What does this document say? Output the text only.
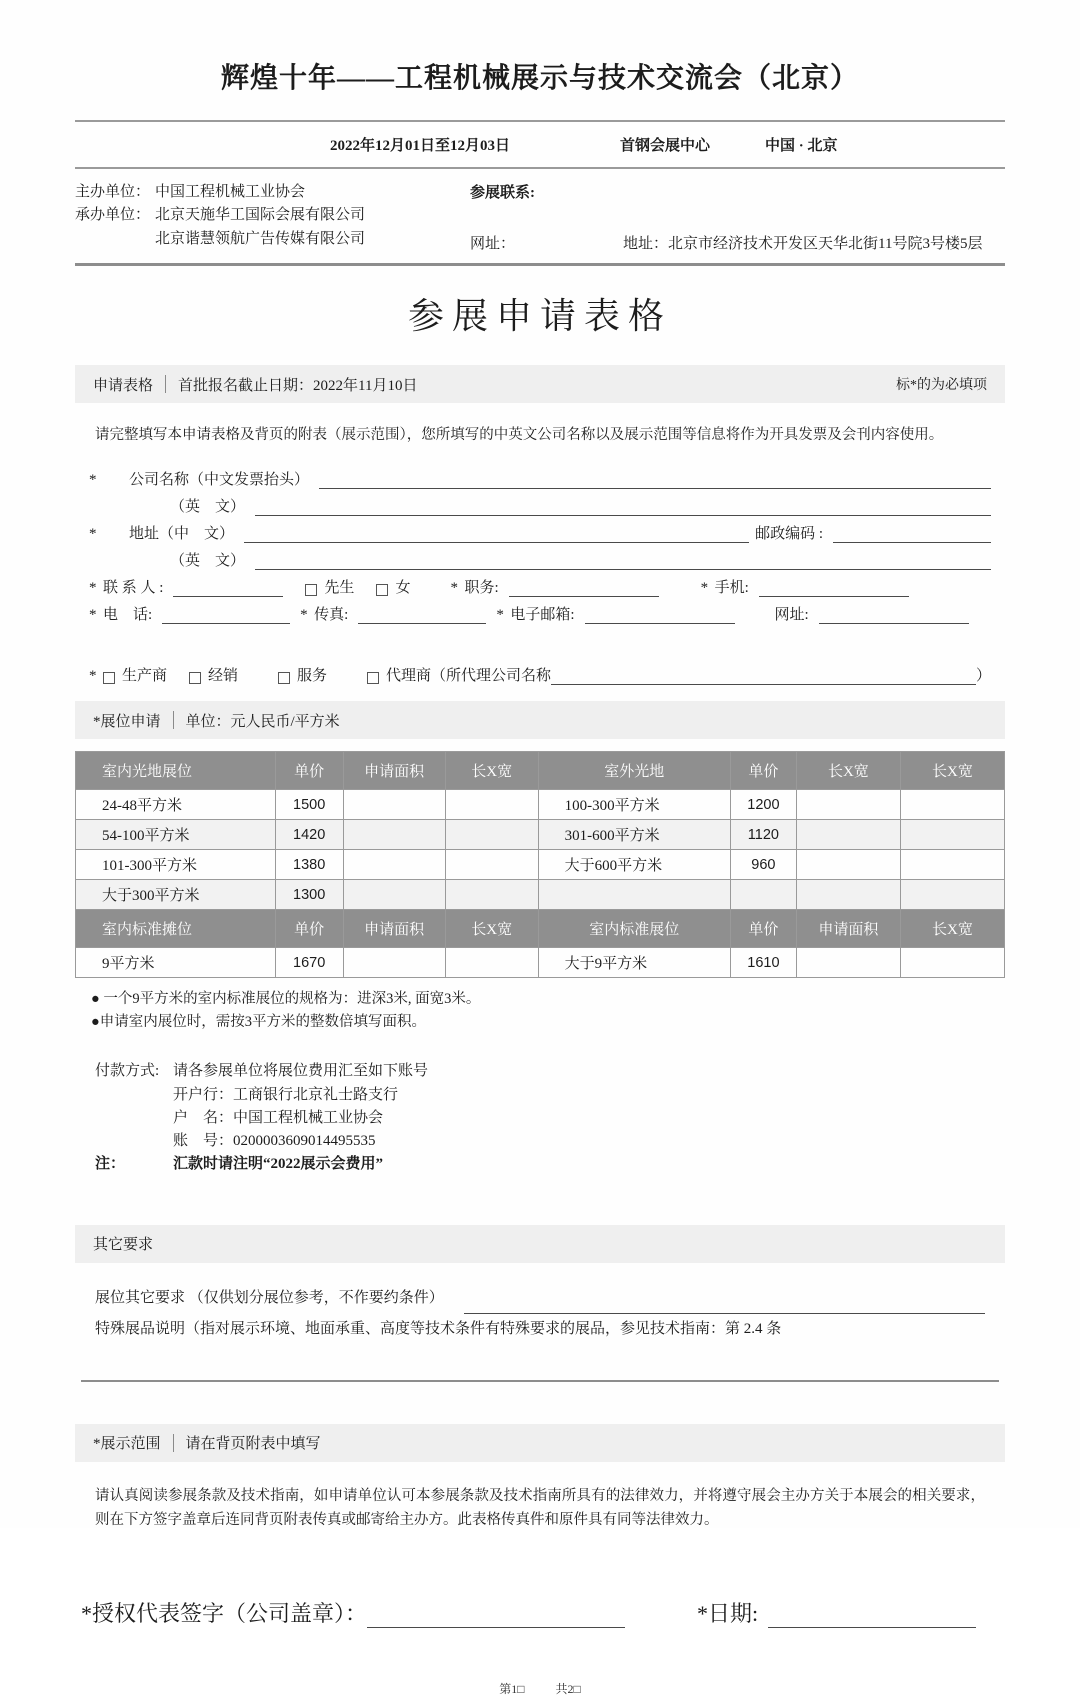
辉煌十年——工程机械展示与技术交流会（北京）
2022年12月01日至12月03日	首钢会展中心	中国 · 北京
主办单位： 中国工程机械工业协会
承办单位： 北京天施华工国际会展有限公司
北京谐慧领航广告传媒有限公司
参展联系:
网址：	地址：北京市经济技术开发区天华北街11号院3号楼5层
参展申请表格
申请表格 首批报名截止日期：2022年11月10日	标*的为必填项

请完整填写本申请表格及背页的附表（展示范围），您所填写的中英文公司名称以及展示范围等信息将作为开具发票及会刊内容使用。

*	公司名称（中文发票抬头）
（英　文）
*	地址（中　文）	邮政编码 :
（英　文）
* 联 系 人 :	先生	女	* 职务:	* 手机:
* 电　话:	* 传真:	* 电子邮箱:	网址:
*	生产商	经销	服务	代理商（所代理公司名称	）
*展位申请 单位：元人民币/平方米
室内光地展位	单价	申请面积	长X宽	室外光地	单价	长X宽	长X宽
24-48平方米	1500			100-300平方米	1200		
54-100平方米	1420			301-600平方米	1120		
101-300平方米	1380			大于600平方米	960		
大于300平方米	1300						
室内标准摊位	单价	申请面积	长X宽	室内标准展位	单价	申请面积	长X宽
9平方米	1670			大于9平方米	1610		
● 一个9平方米的室内标准展位的规格为：进深3米, 面宽3米。
●申请室内展位时，需按3平方米的整数倍填写面积。
付款方式: 请各参展单位将展位费用汇至如下账号
开户行：工商银行北京礼士路支行
户　名：中国工程机械工业协会
账　号：0200003609014495535
注：	汇款时请注明“2022展示会费用”
其它要求
展位其它要求 （仅供划分展位参考，不作要约条件）
特殊展品说明（指对展示环境、地面承重、高度等技术条件有特殊要求的展品，参见技术指南：第 2.4 条
*展示范围 请在背页附表中填写

请认真阅读参展条款及技术指南，如申请单位认可本参展条款及技术指南所具有的法律效力，并将遵守展会主办方关于本展会的相关要求，则在下方签字盖章后连同背页附表传真或邮寄给主办方。此表格传真件和原件具有同等法律效力。

*授权代表签字（公司盖章）：	*日期:
第1□	共2□
